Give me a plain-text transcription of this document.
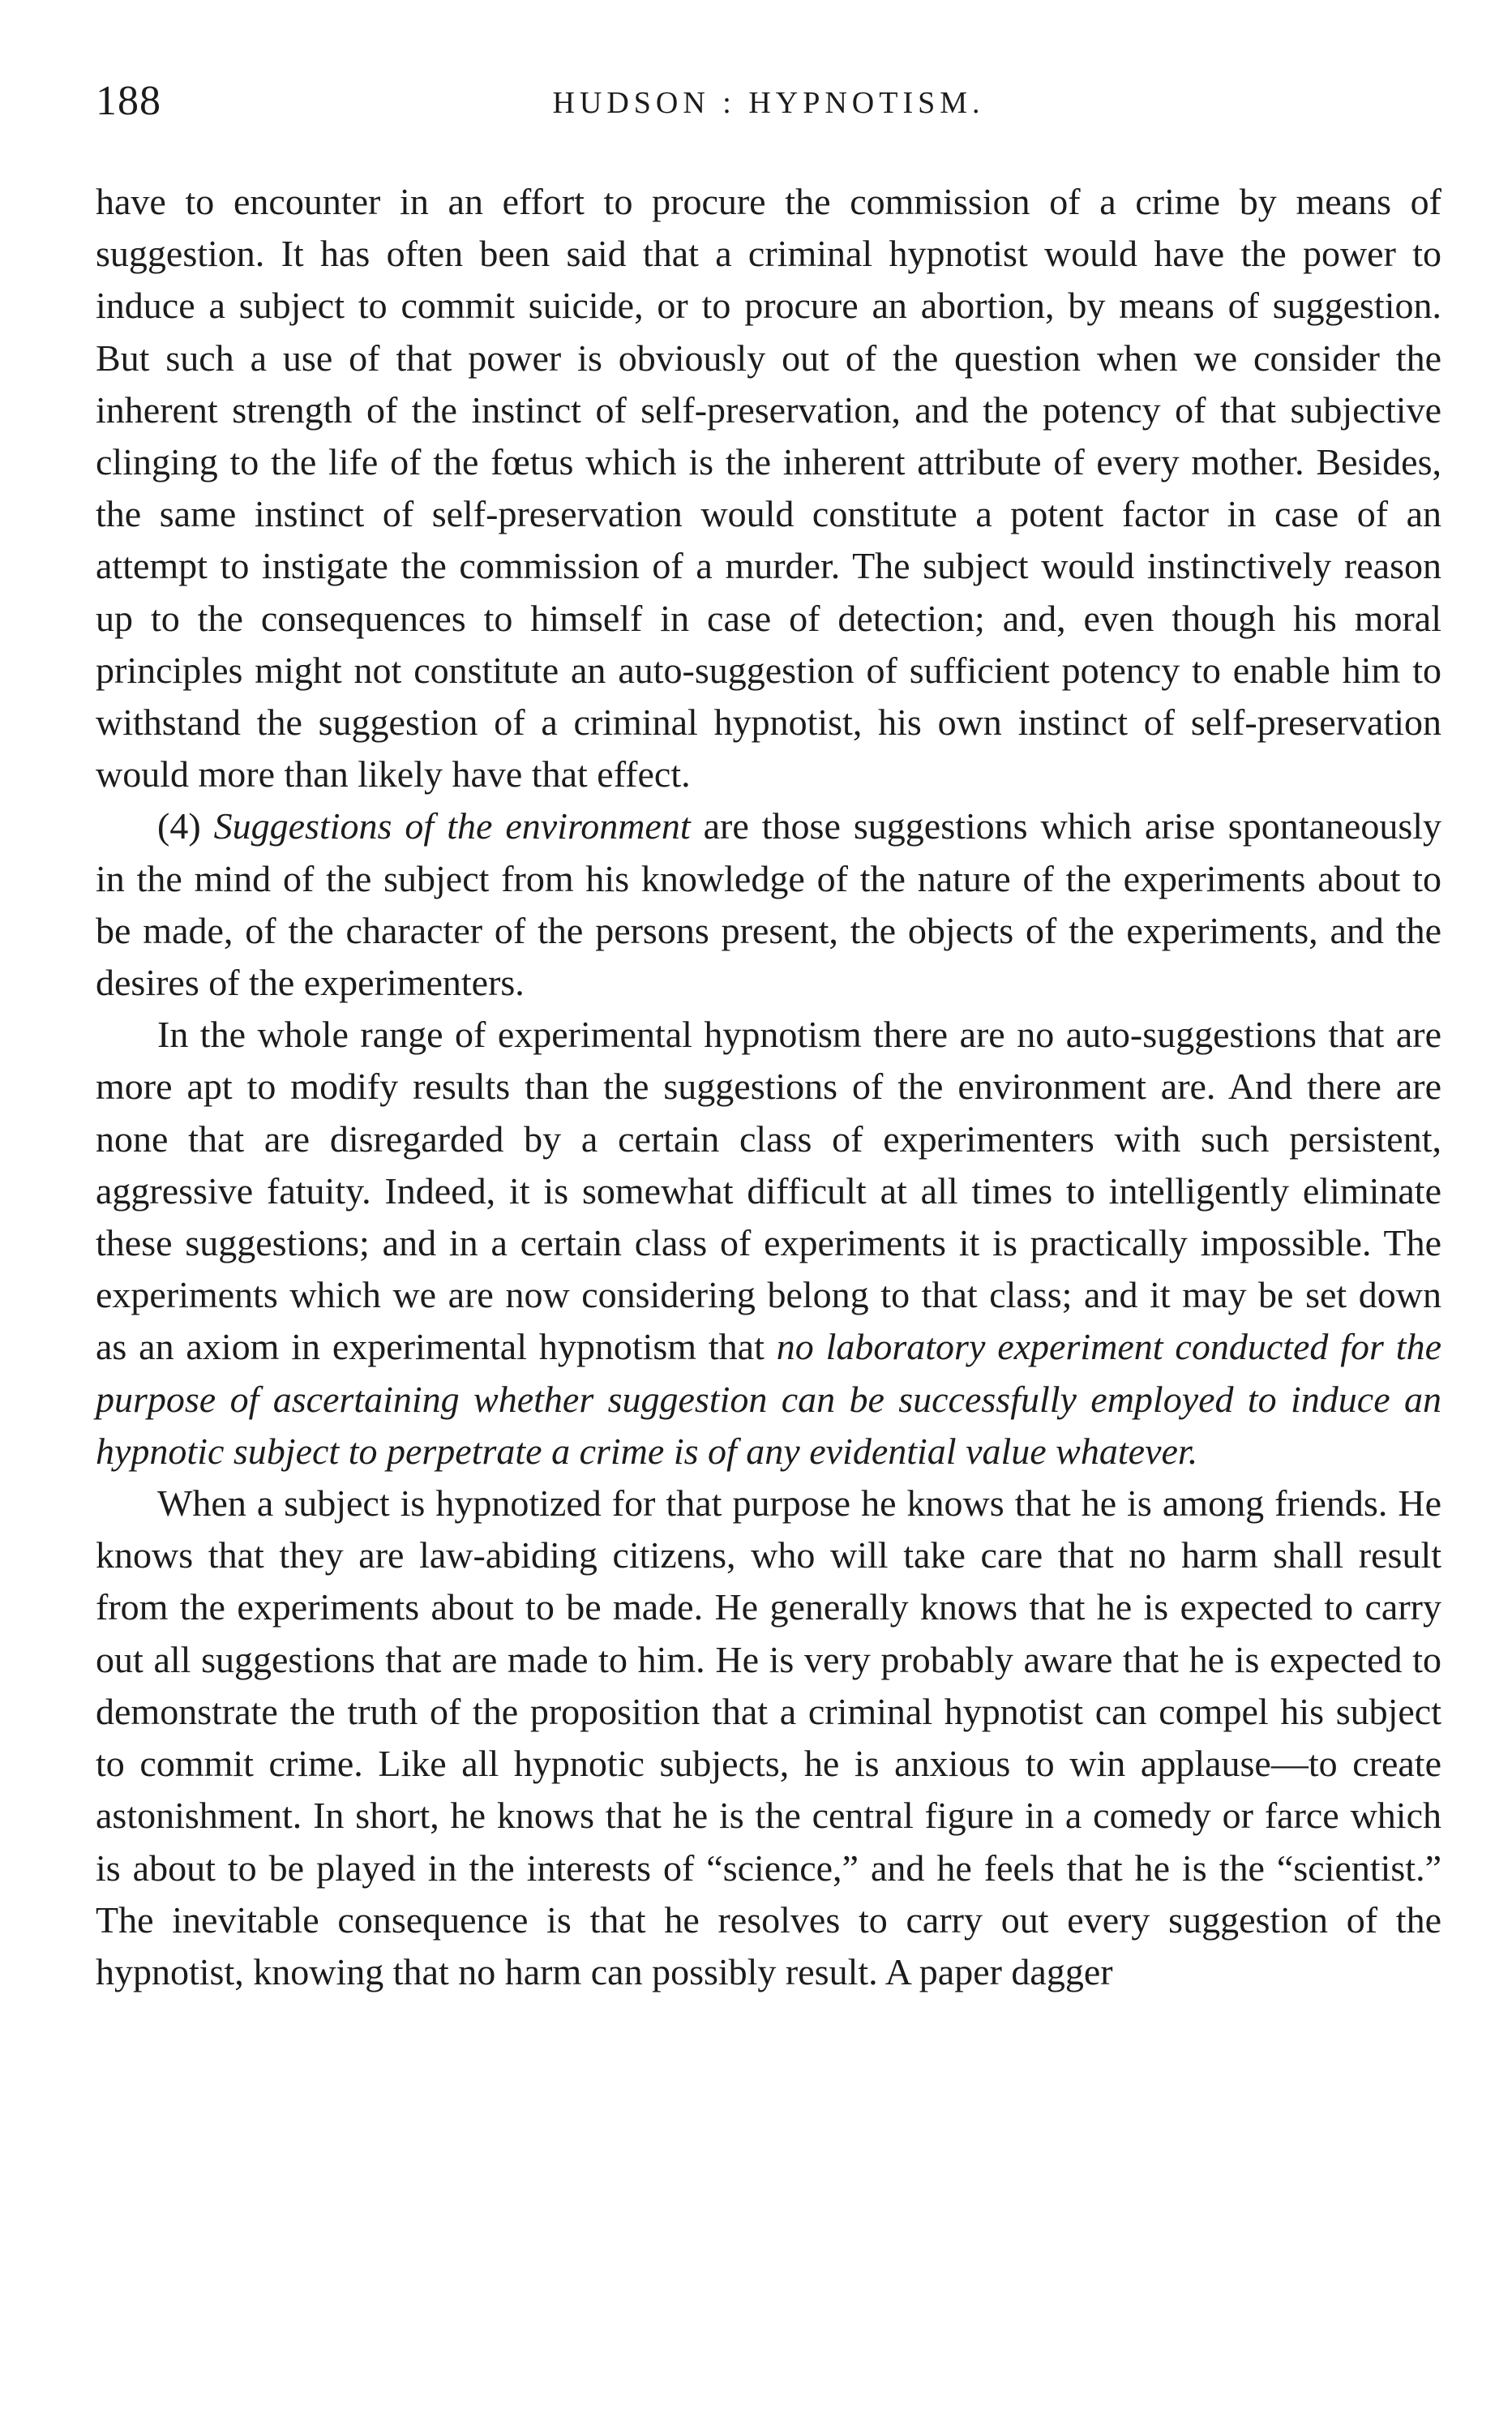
188	HUDSON : HYPNOTISM.

have to encounter in an effort to procure the commission of a crime by means of suggestion. It has often been said that a criminal hypnotist would have the power to induce a subject to commit suicide, or to procure an abortion, by means of suggestion. But such a use of that power is obviously out of the question when we consider the inherent strength of the instinct of self-preservation, and the potency of that subjective clinging to the life of the fœtus which is the inherent attribute of every mother. Besides, the same instinct of self-preservation would constitute a potent factor in case of an attempt to instigate the commission of a murder. The subject would instinctively reason up to the consequences to himself in case of detection; and, even though his moral principles might not constitute an auto-suggestion of sufficient potency to enable him to withstand the suggestion of a criminal hypnotist, his own instinct of self-preservation would more than likely have that effect.

(4) Suggestions of the environment are those suggestions which arise spontaneously in the mind of the subject from his knowledge of the nature of the experiments about to be made, of the character of the persons present, the objects of the experiments, and the desires of the experimenters.

In the whole range of experimental hypnotism there are no auto-suggestions that are more apt to modify results than the suggestions of the environment are. And there are none that are disregarded by a certain class of experimenters with such persistent, aggressive fatuity. Indeed, it is somewhat difficult at all times to intelligently eliminate these suggestions; and in a certain class of experiments it is practically impossible. The experiments which we are now considering belong to that class; and it may be set down as an axiom in experimental hypnotism that no laboratory experiment conducted for the purpose of ascertaining whether suggestion can be successfully employed to induce an hypnotic subject to perpetrate a crime is of any evidential value whatever.

When a subject is hypnotized for that purpose he knows that he is among friends. He knows that they are law-abiding citizens, who will take care that no harm shall result from the experiments about to be made. He generally knows that he is expected to carry out all suggestions that are made to him. He is very probably aware that he is expected to demonstrate the truth of the proposition that a criminal hypnotist can compel his subject to commit crime. Like all hypnotic subjects, he is anxious to win applause—to create astonishment. In short, he knows that he is the central figure in a comedy or farce which is about to be played in the interests of “science,” and he feels that he is the “scientist.” The inevitable consequence is that he resolves to carry out every suggestion of the hypnotist, knowing that no harm can possibly result. A paper dagger
